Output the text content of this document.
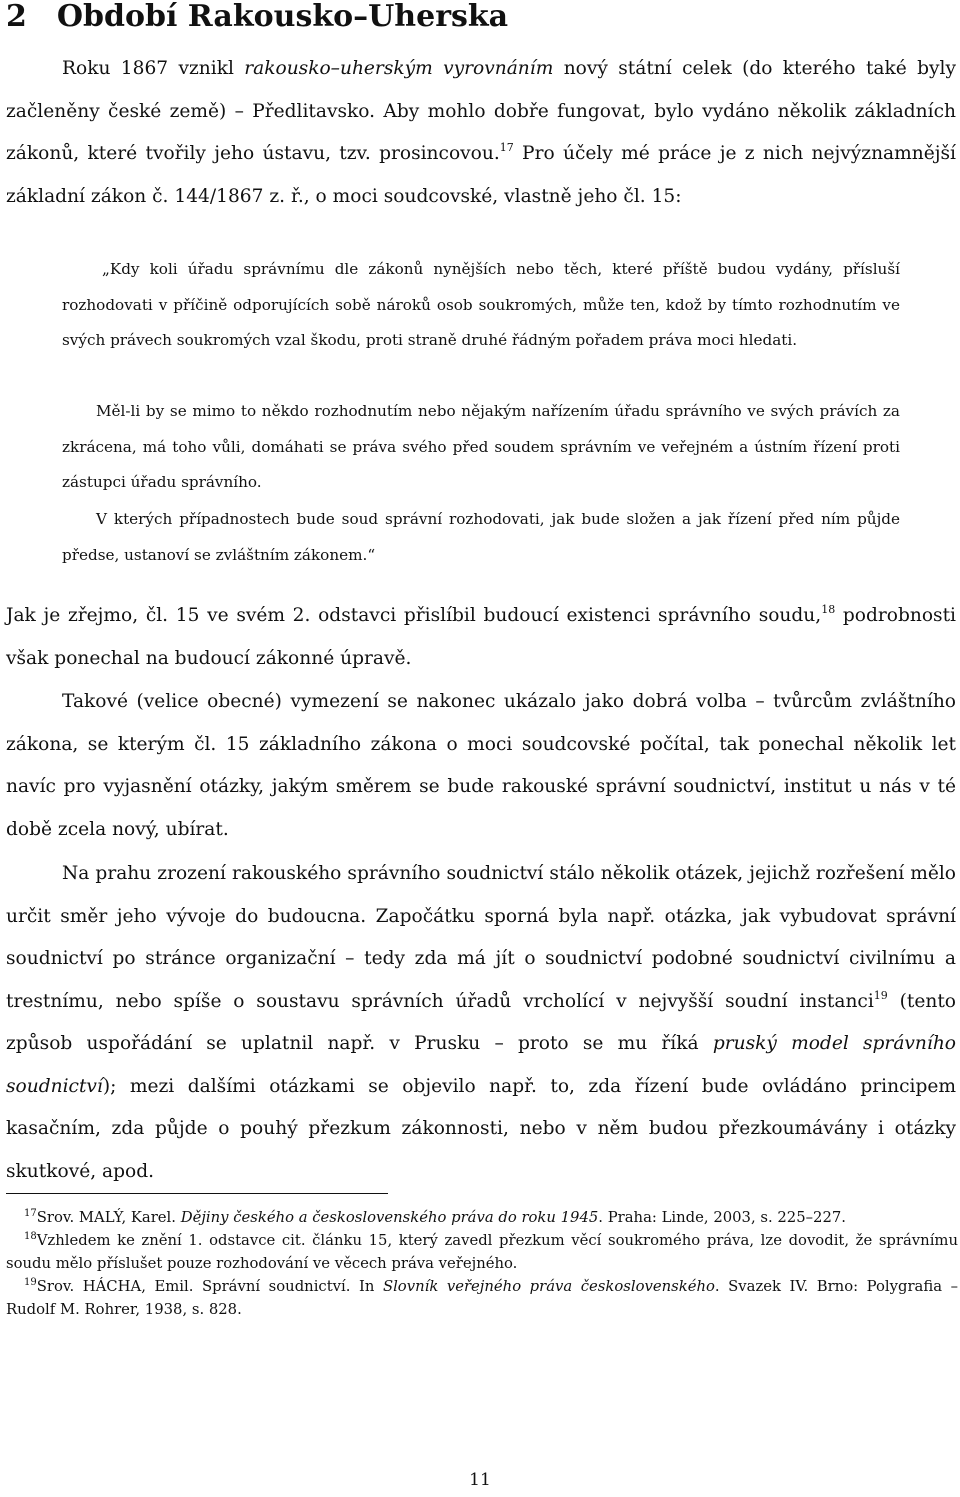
2 Období Rakousko–Uherska

Roku 1867 vznikl rakousko–uherským vyrovnáním nový státní celek (do kterého také byly začleněny české země) – Předlitavsko. Aby mohlo dobře fungovat, bylo vydáno několik základních zákonů, které tvořily jeho ústavu, tzv. prosincovou.$^{17}$ Pro účely mé práce je z nich nejvýznamnější základní zákon č. 144/1867 z. ř., o moci soudcovské, vlastně jeho čl. 15:

„Kdy koli úřadu správnímu dle zákonů nynějších nebo těch, které příště budou vydány, přísluší rozhodovati v příčině odporujících sobě nároků osob soukromých, může ten, kdož by tímto rozhodnutím ve svých právech soukromých vzal škodu, proti straně druhé řádným pořadem práva moci hledati.

Měl-li by se mimo to někdo rozhodnutím nebo nějakým nařízením úřadu správního ve svých právích za zkrácena, má toho vůli, domáhati se práva svého před soudem správním ve veřejném a ústním řízení proti zástupci úřadu správního.

V kterých případnostech bude soud správní rozhodovati, jak bude složen a jak řízení před ním půjde předse, ustanoví se zvláštním zákonem.“

Jak je zřejmo, čl. 15 ve svém 2. odstavci přislíbil budoucí existenci správního soudu,$^{18}$ podrobnosti však ponechal na budoucí zákonné úpravě.

Takové (velice obecné) vymezení se nakonec ukázalo jako dobrá volba – tvůrcům zvláštního zákona, se kterým čl. 15 základního zákona o moci soudcovské počítal, tak ponechal několik let navíc pro vyjasnění otázky, jakým směrem se bude rakouské správní soudnictví, institut u nás v té době zcela nový, ubírat.

Na prahu zrození rakouského správního soudnictví stálo několik otázek, jejichž rozřešení mělo určit směr jeho vývoje do budoucna. Započátku sporná byla např. otázka, jak vybudovat správní soudnictví po stránce organizační – tedy zda má jít o soudnictví podobné soudnictví civilnímu a trestnímu, nebo spíše o soustavu správních úřadů vrcholící v nejvyšší soudní instanci$^{19}$ (tento způsob uspořádání se uplatnil např. v Prusku – proto se mu říká pruský model správního soudnictví); mezi dalšími otázkami se objevilo např. to, zda řízení bude ovládáno principem kasačním, zda půjde o pouhý přezkum zákonnosti, nebo v něm budou přezkoumávány i otázky skutkové, apod.

$^{17}$Srov. MALÝ, Karel. Dějiny českého a československého práva do roku 1945. Praha: Linde, 2003, s. 225–227.

$^{18}$Vzhledem ke znění 1. odstavce cit. článku 15, který zavedl přezkum věcí soukromého práva, lze dovodit, že správnímu soudu mělo příslušet pouze rozhodování ve věcech práva veřejného.

$^{19}$Srov. HÁCHA, Emil. Správní soudnictví. In Slovník veřejného práva československého. Svazek IV. Brno: Polygrafia – Rudolf M. Rohrer, 1938, s. 828.

11
